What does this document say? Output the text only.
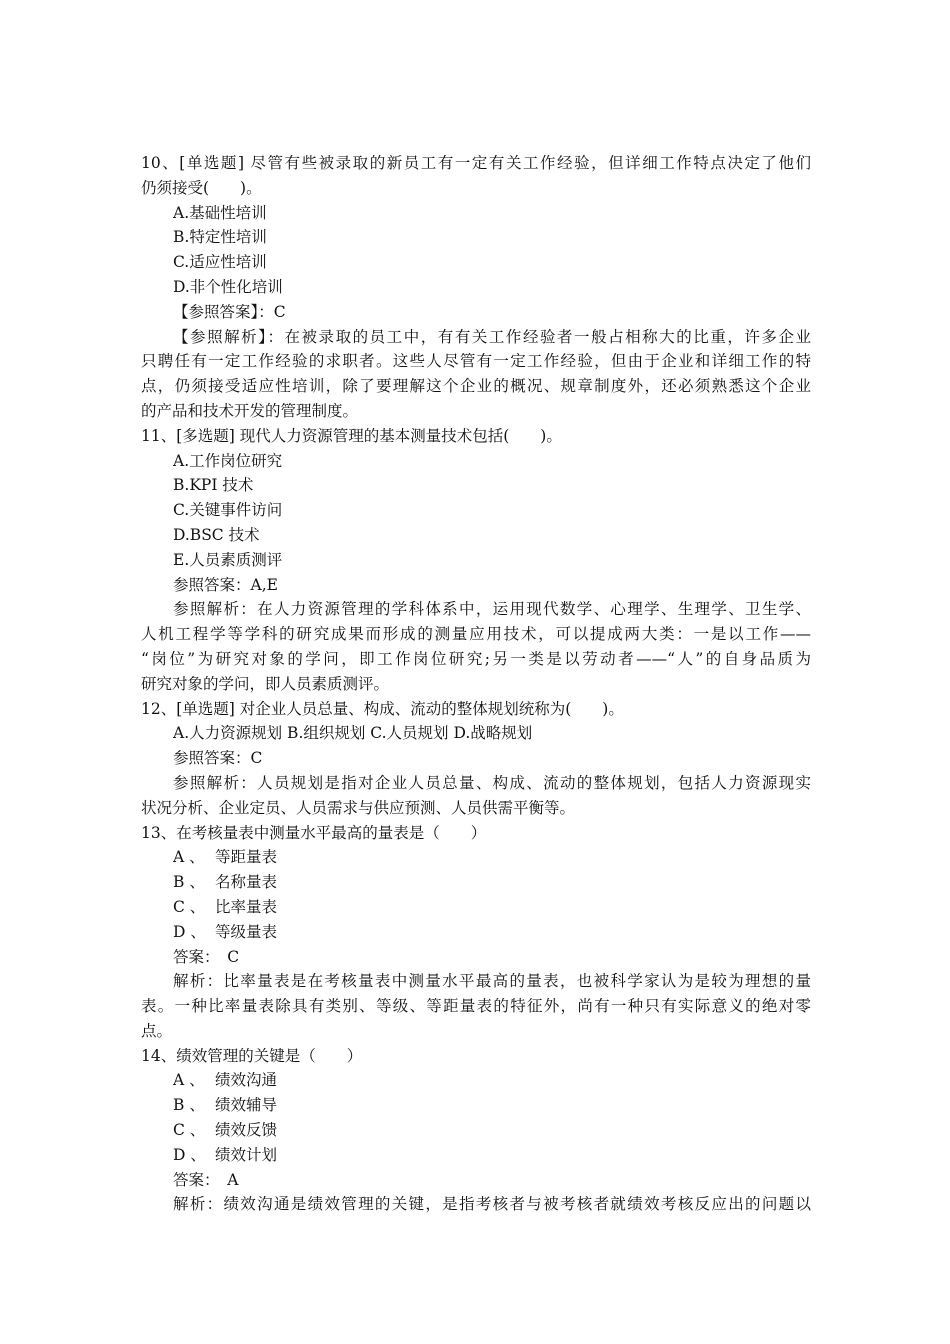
10、[单选题] 尽管有些被录取的新员工有一定有关工作经验，但详细工作特点决定了他们
仍须接受(　　)。
A.基础性培训
B.特定性培训
C.适应性培训
D.非个性化培训
【参照答案】：C
【参照解析】：在被录取的员工中，有有关工作经验者一般占相称大的比重，许多企业
只聘任有一定工作经验的求职者。这些人尽管有一定工作经验，但由于企业和详细工作的特
点，仍须接受适应性培训，除了要理解这个企业的概况、规章制度外，还必须熟悉这个企业
的产品和技术开发的管理制度。
11、[多选题] 现代人力资源管理的基本测量技术包括(　　)。
A.工作岗位研究
B.KPI 技术
C.关键事件访问
D.BSC 技术
E.人员素质测评
参照答案：A,E
参照解析：在人力资源管理的学科体系中，运用现代数学、心理学、生理学、卫生学、
人机工程学等学科的研究成果而形成的测量应用技术，可以提成两大类：一是以工作——
“岗位”为研究对象的学问，即工作岗位研究;另一类是以劳动者——“人”的自身品质为
研究对象的学问，即人员素质测评。
12、[单选题] 对企业人员总量、构成、流动的整体规划统称为(　　)。
A.人力资源规划 B.组织规划 C.人员规划 D.战略规划
参照答案：C
参照解析：人员规划是指对企业人员总量、构成、流动的整体规划，包括人力资源现实
状况分析、企业定员、人员需求与供应预测、人员供需平衡等。
13、在考核量表中测量水平最高的量表是（　　）
A 、 等距量表
B 、 名称量表
C 、 比率量表
D 、 等级量表
答案：　C
解析：比率量表是在考核量表中测量水平最高的量表，也被科学家认为是较为理想的量
表。一种比率量表除具有类别、等级、等距量表的特征外，尚有一种只有实际意义的绝对零
点。
14、绩效管理的关键是（　　）
A 、 绩效沟通
B 、 绩效辅导
C 、 绩效反馈
D 、 绩效计划
答案：　A
解析：绩效沟通是绩效管理的关键，是指考核者与被考核者就绩效考核反应出的问题以
